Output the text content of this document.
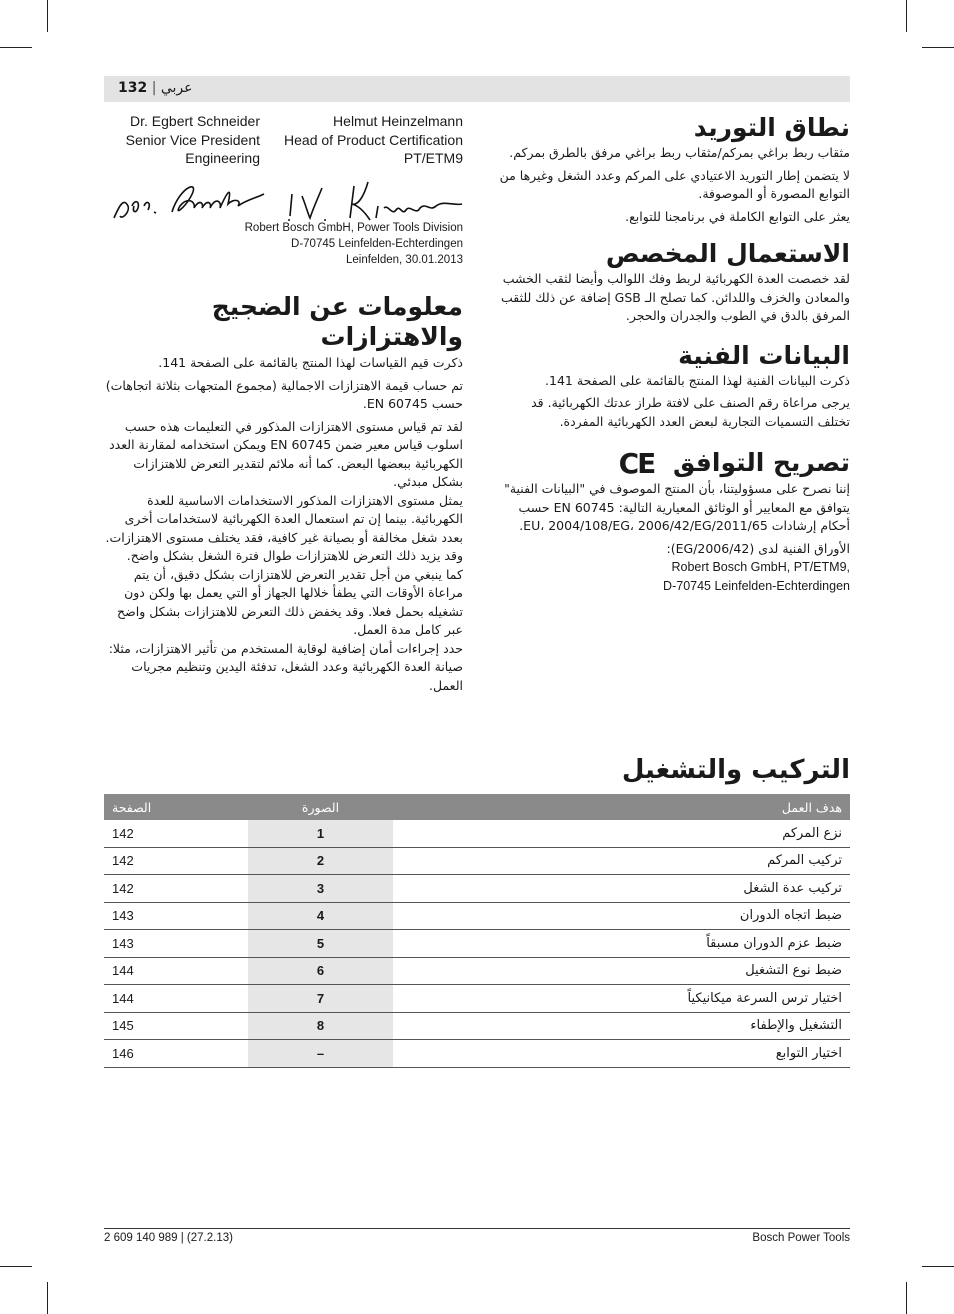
132 | عربي
Dr. Egbert Schneider
Senior Vice President
Engineering
Helmut Heinzelmann
Head of Product Certification
PT/ETM9
Robert Bosch GmbH, Power Tools Division
D-70745 Leinfelden-Echterdingen
Leinfelden, 30.01.2013
معلومات عن الضجيج والاهتزازات

ذكرت قيم القياسات لهذا المنتج بالقائمة على الصفحة 141.

تم حساب قيمة الاهتزازات الاجمالية (مجموع المتجهات بثلاثة اتجاهات) حسب EN 60745.

لقد تم قياس مستوى الاهتزازات المذكور في التعليمات هذه حسب اسلوب قياس معير ضمن EN 60745 ويمكن استخدامه لمقارنة العدد الكهربائية ببعضها البعض. كما أنه ملائم لتقدير التعرض للاهتزازات بشكل مبدئي.

يمثل مستوى الاهتزازات المذكور الاستخدامات الاساسية للعدة الكهربائية. بينما إن تم استعمال العدة الكهربائية لاستخدامات أخرى بعدد شغل مخالفة أو بصيانة غير كافية، فقد يختلف مستوى الاهتزازات. وقد يزيد ذلك التعرض للاهتزازات طوال فترة الشغل بشكل واضح.

كما ينبغي من أجل تقدير التعرض للاهتزازات بشكل دقيق، أن يتم مراعاة الأوقات التي يطفأ خلالها الجهاز أو التي يعمل بها ولكن دون تشغيله بحمل فعلا. وقد يخفض ذلك التعرض للاهتزازات بشكل واضح عبر كامل مدة العمل.

حدد إجراءات أمان إضافية لوقاية المستخدم من تأثير الاهتزازات، مثلا: صيانة العدة الكهربائية وعدد الشغل، تدفئة اليدين وتنظيم مجريات العمل.

نطاق التوريد

مثقاب ربط براغي بمركم/مثقاب ربط براغي مرفق بالطرق بمركم.

لا يتضمن إطار التوريد الاعتيادي على المركم وعدد الشغل وغيرها من التوابع المصورة أو الموصوفة.

يعثر على التوابع الكاملة في برنامجنا للتوابع.

الاستعمال المخصص

لقد خصصت العدة الكهربائية لربط وفك اللوالب وأيضا لثقب الخشب والمعادن والخزف واللدائن. كما تصلح الـ GSB إضافة عن ذلك للثقب المرفق بالدق في الطوب والجدران والحجر.

البيانات الفنية

ذكرت البيانات الفنية لهذا المنتج بالقائمة على الصفحة 141.

يرجى مراعاة رقم الصنف على لافتة طراز عدتك الكهربائية. قد تختلف التسميات التجارية لبعض العدد الكهربائية المفردة.

تصريح التوافق CE

إننا نصرح على مسؤوليتنا، بأن المنتج الموصوف في "البيانات الفنية" يتوافق مع المعايير أو الوثائق المعيارية التالية: EN 60745 حسب أحكام إرشادات 2011/65/EU، 2004/108/EG، 2006/42/EG.

الأوراق الفنية لدى (2006/42/EG):

Robert Bosch GmbH, PT/ETM9,
D-70745 Leinfelden-Echterdingen
التركيب والتشغيل
هدف العمل	الصورة	الصفحة
نزع المركم	1	142
تركيب المركم	2	142
تركيب عدة الشغل	3	142
ضبط اتجاه الدوران	4	143
ضبط عزم الدوران مسبقاً	5	143
ضبط نوع التشغيل	6	144
اختيار ترس السرعة ميكانيكياً	7	144
التشغيل والإطفاء	8	145
اختيار التوابع	–	146
2 609 140 989 | (27.2.13)	Bosch Power Tools
